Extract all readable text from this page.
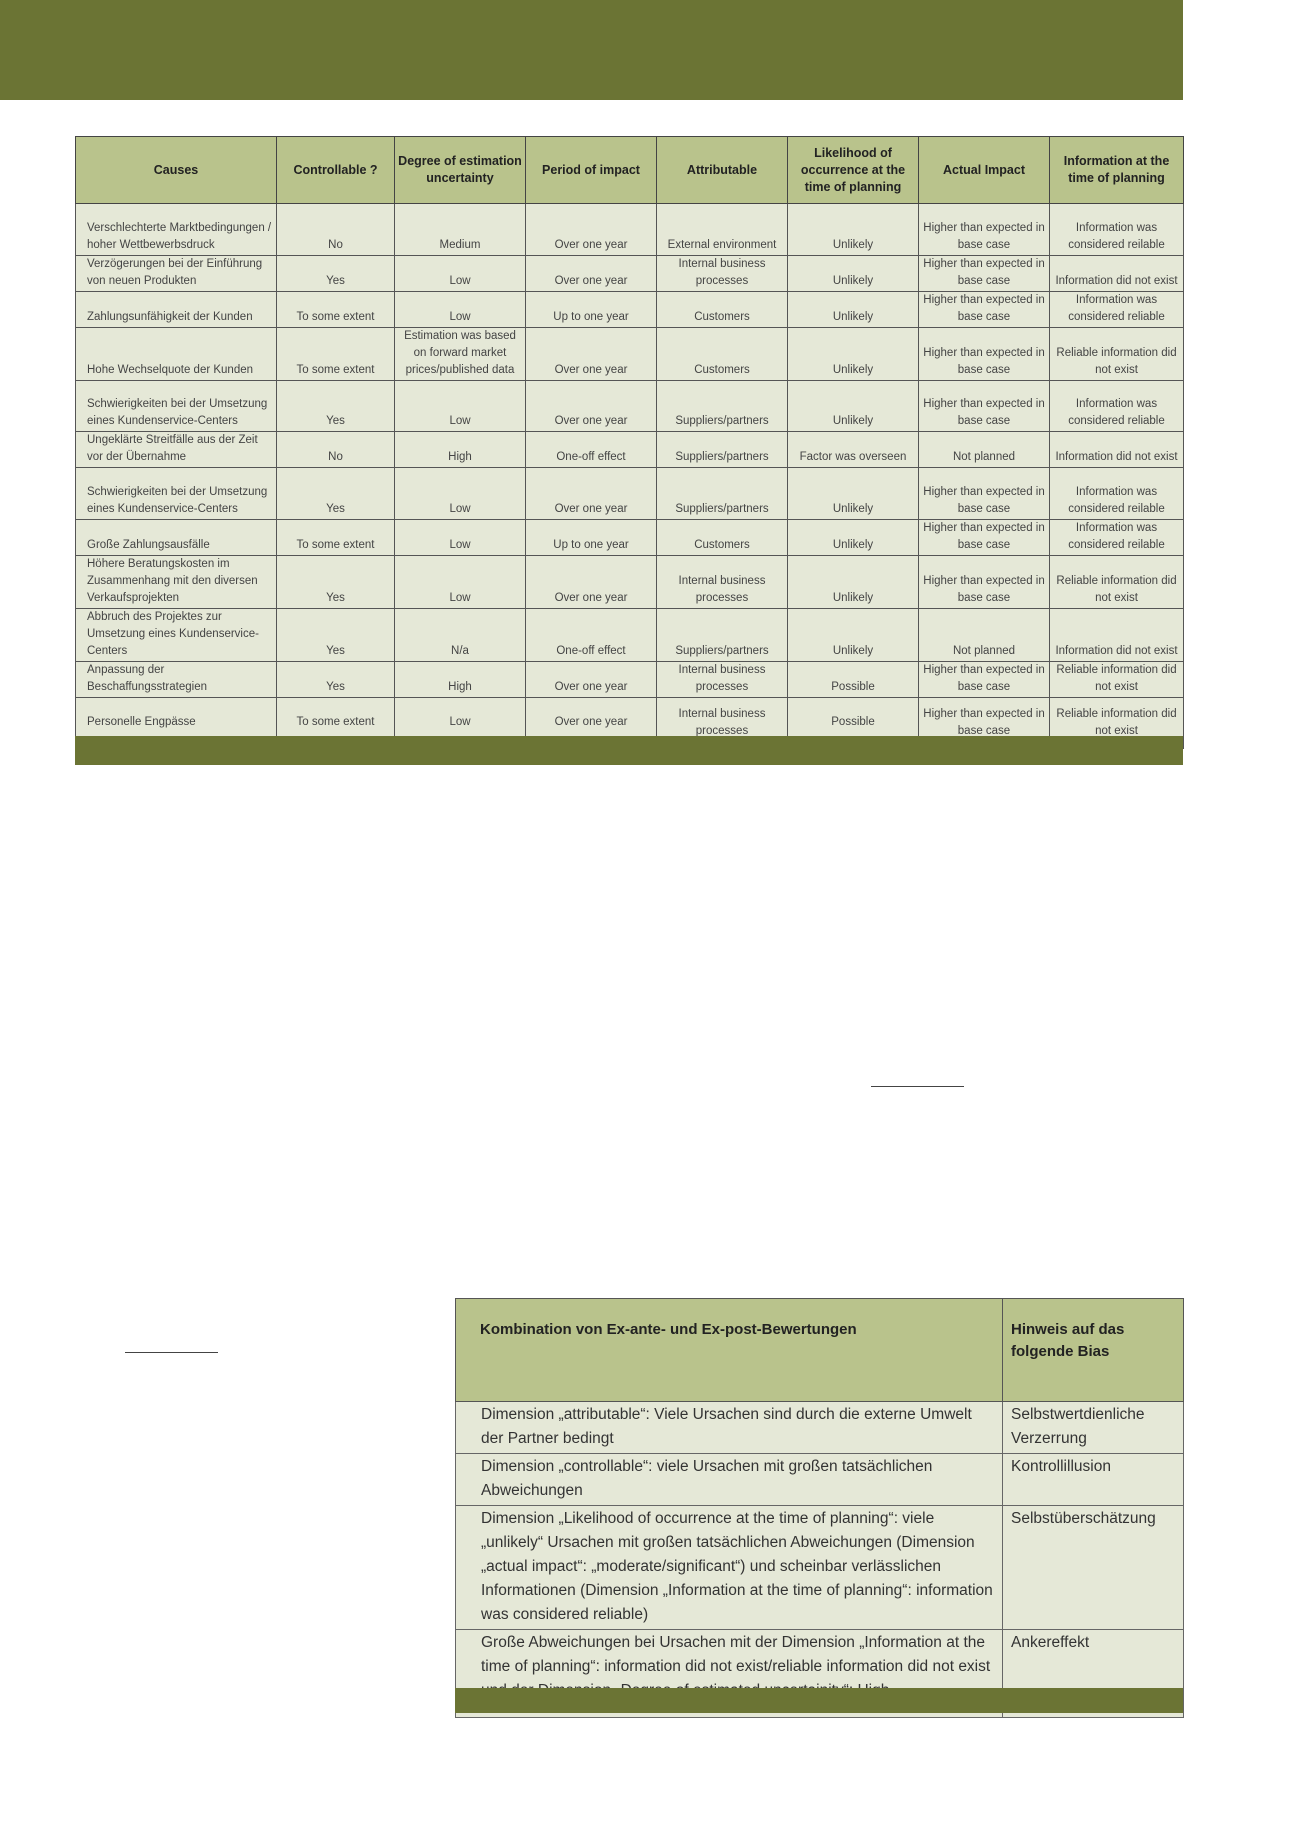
Causes	Controllable ?	Degree of estimation uncertainty	Period of impact	Attributable	Likelihood of occurrence at the time of planning	Actual Impact	Information at the time of planning
Verschlechterte Marktbedingungen / hoher Wettbewerbsdruck	No	Medium	Over one year	External environment	Unlikely	Higher than expected in base case	Information was considered reilable
Verzögerungen bei der Einführung von neuen Produkten	Yes	Low	Over one year	Internal business processes	Unlikely	Higher than expected in base case	Information did not exist
Zahlungsunfähigkeit der Kunden	To some extent	Low	Up to one year	Customers	Unlikely	Higher than expected in base case	Information was considered reliable
Hohe Wechselquote der Kunden	To some extent	Estimation was based on forward market prices/published data	Over one year	Customers	Unlikely	Higher than expected in base case	Reliable information did not exist
Schwierigkeiten bei der Umsetzung eines Kundenservice-Centers	Yes	Low	Over one year	Suppliers/partners	Unlikely	Higher than expected in base case	Information was considered reliable
Ungeklärte Streitfälle aus der Zeit vor der Übernahme	No	High	One-off effect	Suppliers/partners	Factor was overseen	Not planned	Information did not exist
Schwierigkeiten bei der Umsetzung eines Kundenservice-Centers	Yes	Low	Over one year	Suppliers/partners	Unlikely	Higher than expected in base case	Information was considered reilable
Große Zahlungsausfälle	To some extent	Low	Up to one year	Customers	Unlikely	Higher than expected in base case	Information was considered reilable
Höhere Beratungskosten im Zusammenhang mit den diversen Verkaufsprojekten	Yes	Low	Over one year	Internal business processes	Unlikely	Higher than expected in base case	Reliable information did not exist
Abbruch des Projektes zur Umsetzung eines Kundenservice-Centers	Yes	N/a	One-off effect	Suppliers/partners	Unlikely	Not planned	Information did not exist
Anpassung der Beschaffungsstrategien	Yes	High	Over one year	Internal business processes	Possible	Higher than expected in base case	Reliable information did not exist
Personelle Engpässe	To some extent	Low	Over one year	Internal business processes	Possible	Higher than expected in base case	Reliable information did not exist
Kombination von Ex-ante- und Ex-post-Bewertungen	Hinweis auf das folgende Bias
Dimension „attributable“: Viele Ursachen sind durch die externe Umwelt der Partner bedingt	Selbstwertdienliche Verzerrung
Dimension „controllable“: viele Ursachen mit großen tatsächlichen Abweichungen	Kontrollillusion
Dimension „Likelihood of occurrence at the time of planning“: viele „unlikely“ Ursachen mit großen tatsächlichen Abweichungen (Dimension „actual impact“: „moderate/significant“) und scheinbar verlässlichen Informationen (Dimension „Information at the time of planning“: information was considered reliable)	Selbstüberschätzung
Große Abweichungen bei Ursachen mit der Dimension „Information at the time of planning“: information did not exist/reliable information did not exist	Ankereffekt
